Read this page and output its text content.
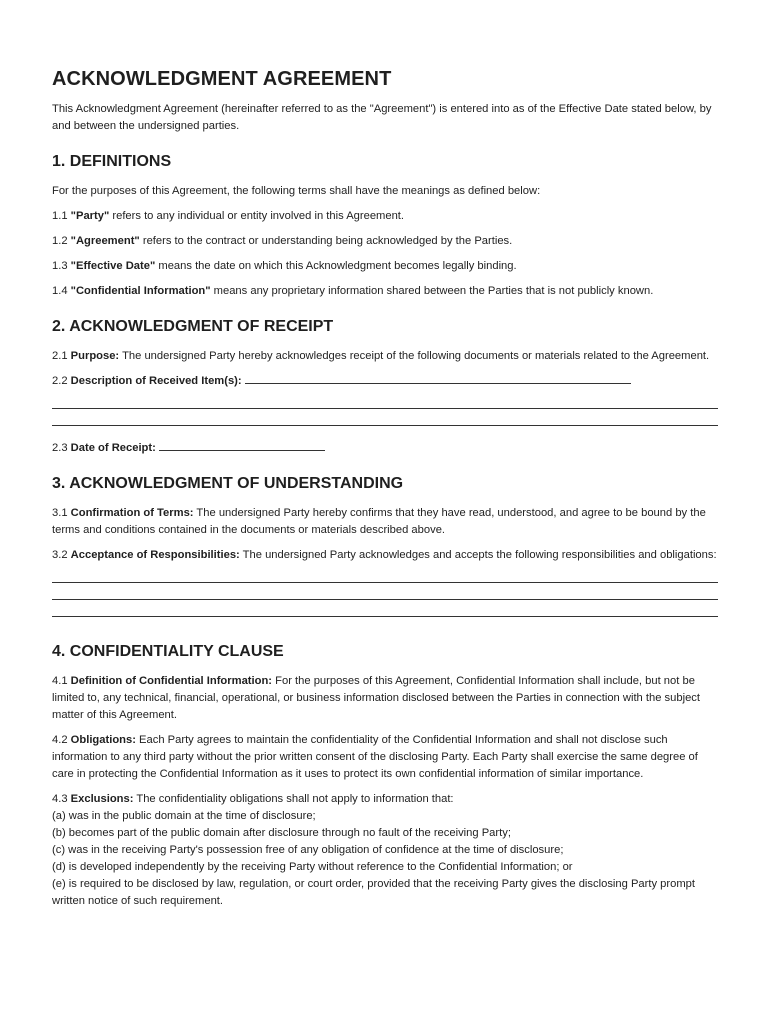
ACKNOWLEDGMENT AGREEMENT

This Acknowledgment Agreement (hereinafter referred to as the "Agreement") is entered into as of the Effective Date stated below, by and between the undersigned parties.

1. DEFINITIONS

For the purposes of this Agreement, the following terms shall have the meanings as defined below:

1.1 "Party" refers to any individual or entity involved in this Agreement.

1.2 "Agreement" refers to the contract or understanding being acknowledged by the Parties.

1.3 "Effective Date" means the date on which this Acknowledgment becomes legally binding.

1.4 "Confidential Information" means any proprietary information shared between the Parties that is not publicly known.

2. ACKNOWLEDGMENT OF RECEIPT

2.1 Purpose: The undersigned Party hereby acknowledges receipt of the following documents or materials related to the Agreement.

2.2 Description of Received Item(s):

2.3 Date of Receipt:

3. ACKNOWLEDGMENT OF UNDERSTANDING

3.1 Confirmation of Terms: The undersigned Party hereby confirms that they have read, understood, and agree to be bound by the terms and conditions contained in the documents or materials described above.

3.2 Acceptance of Responsibilities: The undersigned Party acknowledges and accepts the following responsibilities and obligations:

4. CONFIDENTIALITY CLAUSE

4.1 Definition of Confidential Information: For the purposes of this Agreement, Confidential Information shall include, but not be limited to, any technical, financial, operational, or business information disclosed between the Parties in connection with the subject matter of this Agreement.

4.2 Obligations: Each Party agrees to maintain the confidentiality of the Confidential Information and shall not disclose such information to any third party without the prior written consent of the disclosing Party. Each Party shall exercise the same degree of care in protecting the Confidential Information as it uses to protect its own confidential information of similar importance.

4.3 Exclusions: The confidentiality obligations shall not apply to information that:

(a) was in the public domain at the time of disclosure;

(b) becomes part of the public domain after disclosure through no fault of the receiving Party;

(c) was in the receiving Party's possession free of any obligation of confidence at the time of disclosure;

(d) is developed independently by the receiving Party without reference to the Confidential Information; or

(e) is required to be disclosed by law, regulation, or court order, provided that the receiving Party gives the disclosing Party prompt written notice of such requirement.
